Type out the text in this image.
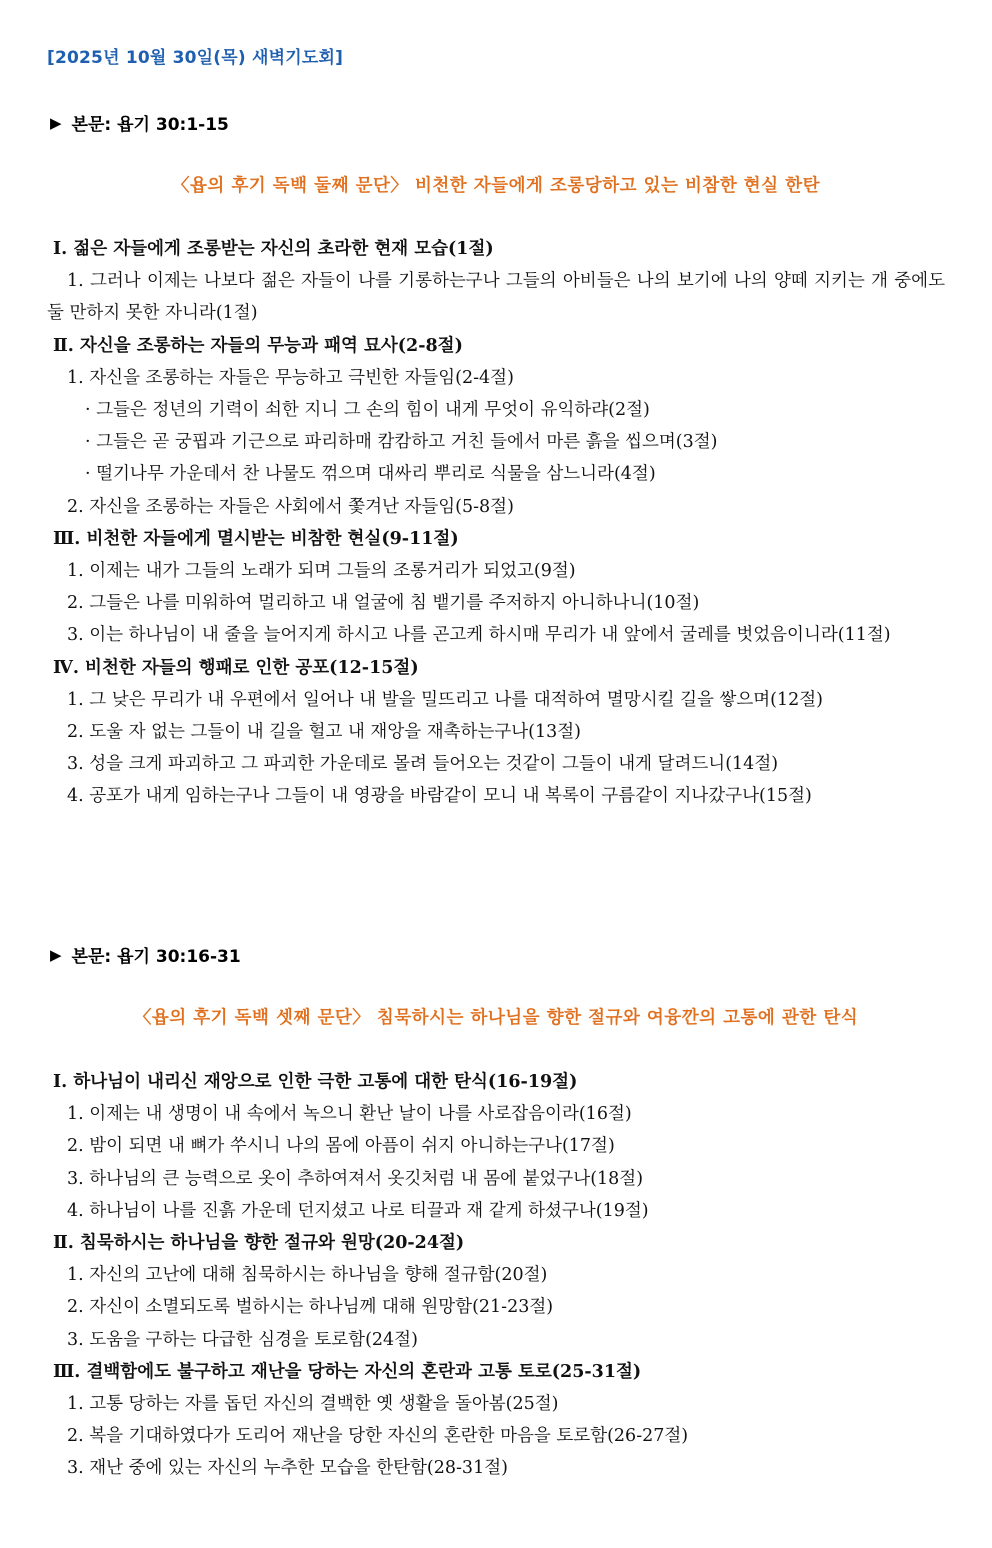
[2025년 10월 30일(목) 새벽기도회]
▶ 본문: 욥기 30:1-15
〈욥의 후기 독백 둘째 문단〉 비천한 자들에게 조롱당하고 있는 비참한 현실 한탄
Ⅰ. 젊은 자들에게 조롱받는 자신의 초라한 현재 모습(1절)
1. 그러나 이제는 나보다 젊은 자들이 나를 기롱하는구나 그들의 아비들은 나의 보기에 나의 양떼 지키는 개 중에도 둘 만하지 못한 자니라(1절)
Ⅱ. 자신을 조롱하는 자들의 무능과 패역 묘사(2-8절)
1. 자신을 조롱하는 자들은 무능하고 극빈한 자들임(2-4절)
· 그들은 정년의 기력이 쇠한 지니 그 손의 힘이 내게 무엇이 유익하랴(2절)
· 그들은 곧 궁핍과 기근으로 파리하매 캄캄하고 거친 들에서 마른 흙을 씹으며(3절)
· 떨기나무 가운데서 찬 나물도 꺾으며 대싸리 뿌리로 식물을 삼느니라(4절)
2. 자신을 조롱하는 자들은 사회에서 쫓겨난 자들임(5-8절)
Ⅲ. 비천한 자들에게 멸시받는 비참한 현실(9-11절)
1. 이제는 내가 그들의 노래가 되며 그들의 조롱거리가 되었고(9절)
2. 그들은 나를 미워하여 멀리하고 내 얼굴에 침 뱉기를 주저하지 아니하나니(10절)
3. 이는 하나님이 내 줄을 늘어지게 하시고 나를 곤고케 하시매 무리가 내 앞에서 굴레를 벗었음이니라(11절)
Ⅳ. 비천한 자들의 행패로 인한 공포(12-15절)
1. 그 낮은 무리가 내 우편에서 일어나 내 발을 밀뜨리고 나를 대적하여 멸망시킬 길을 쌓으며(12절)
2. 도울 자 없는 그들이 내 길을 헐고 내 재앙을 재촉하는구나(13절)
3. 성을 크게 파괴하고 그 파괴한 가운데로 몰려 들어오는 것같이 그들이 내게 달려드니(14절)
4. 공포가 내게 임하는구나 그들이 내 영광을 바람같이 모니 내 복록이 구름같이 지나갔구나(15절)
▶ 본문: 욥기 30:16-31
〈욥의 후기 독백 셋째 문단〉 침묵하시는 하나님을 향한 절규와 여융깐의 고통에 관한 탄식
Ⅰ. 하나님이 내리신 재앙으로 인한 극한 고통에 대한 탄식(16-19절)
1. 이제는 내 생명이 내 속에서 녹으니 환난 날이 나를 사로잡음이라(16절)
2. 밤이 되면 내 뼈가 쑤시니 나의 몸에 아픔이 쉬지 아니하는구나(17절)
3. 하나님의 큰 능력으로 옷이 추하여져서 옷깃처럼 내 몸에 붙었구나(18절)
4. 하나님이 나를 진흙 가운데 던지셨고 나로 티끌과 재 같게 하셨구나(19절)
Ⅱ. 침묵하시는 하나님을 향한 절규와 원망(20-24절)
1. 자신의 고난에 대해 침묵하시는 하나님을 향해 절규함(20절)
2. 자신이 소멸되도록 벌하시는 하나님께 대해 원망함(21-23절)
3. 도움을 구하는 다급한 심경을 토로함(24절)
Ⅲ. 결백함에도 불구하고 재난을 당하는 자신의 혼란과 고통 토로(25-31절)
1. 고통 당하는 자를 돕던 자신의 결백한 옛 생활을 돌아봄(25절)
2. 복을 기대하였다가 도리어 재난을 당한 자신의 혼란한 마음을 토로함(26-27절)
3. 재난 중에 있는 자신의 누추한 모습을 한탄함(28-31절)
